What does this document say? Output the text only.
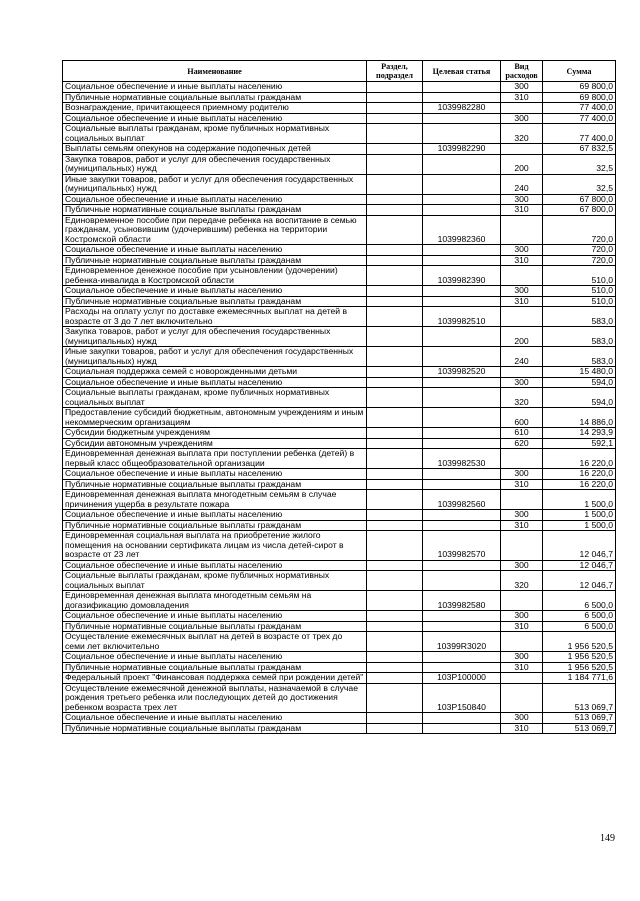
Наименование	Раздел, подраздел	Целевая статья	Вид расходов	Сумма
Социальное обеспечение и иные выплаты населению			300	69 800,0
Публичные нормативные социальные выплаты гражданам			310	69 800,0
Вознаграждение, причитающееся приемному родителю		1039982280		77 400,0
Социальное обеспечение и иные выплаты населению			300	77 400,0
Социальные выплаты гражданам, кроме публичных нормативных социальных выплат			320	77 400,0
Выплаты семьям опекунов на содержание подопечных детей		1039982290		67 832,5
Закупка товаров, работ и услуг для обеспечения государственных (муниципальных) нужд			200	32,5
Иные закупки товаров, работ и услуг для обеспечения государственных (муниципальных) нужд			240	32,5
Социальное обеспечение и иные выплаты населению			300	67 800,0
Публичные нормативные социальные выплаты гражданам			310	67 800,0
Единовременное пособие при передаче ребенка на воспитание в семью гражданам, усыновившим (удочерившим) ребенка на территории Костромской области		1039982360		720,0
Социальное обеспечение и иные выплаты населению			300	720,0
Публичные нормативные социальные выплаты гражданам			310	720,0
Единовременное денежное пособие при усыновлении (удочерении) ребенка-инвалида в Костромской области		1039982390		510,0
Социальное обеспечение и иные выплаты населению			300	510,0
Публичные нормативные социальные выплаты гражданам			310	510,0
Расходы на оплату услуг по доставке ежемесячных выплат на детей в возрасте от 3 до 7 лет включительно		1039982510		583,0
Закупка товаров, работ и услуг для обеспечения государственных (муниципальных) нужд			200	583,0
Иные закупки товаров, работ и услуг для обеспечения государственных (муниципальных) нужд			240	583,0
Социальная поддержка семей с новорожденными детьми		1039982520		15 480,0
Социальное обеспечение и иные выплаты населению			300	594,0
Социальные выплаты гражданам, кроме публичных нормативных социальных выплат			320	594,0
Предоставление субсидий бюджетным, автономным учреждениям и иным некоммерческим организациям			600	14 886,0
Субсидии бюджетным учреждениям			610	14 293,9
Субсидии автономным учреждениям			620	592,1
Единовременная денежная выплата при поступлении ребенка (детей) в первый класс общеобразовательной организации		1039982530		16 220,0
Социальное обеспечение и иные выплаты населению			300	16 220,0
Публичные нормативные социальные выплаты гражданам			310	16 220,0
Единовременная денежная выплата многодетным семьям в случае причинения ущерба в результате пожара		1039982560		1 500,0
Социальное обеспечение и иные выплаты населению			300	1 500,0
Публичные нормативные социальные выплаты гражданам			310	1 500,0
Единовременная социальная выплата на приобретение жилого помещения на основании сертификата лицам из числа детей-сирот в возрасте от 23 лет		1039982570		12 046,7
Социальное обеспечение и иные выплаты населению			300	12 046,7
Социальные выплаты гражданам, кроме публичных нормативных социальных выплат			320	12 046,7
Единовременная денежная выплата многодетным семьям на догазификацию домовладения		1039982580		6 500,0
Социальное обеспечение и иные выплаты населению			300	6 500,0
Публичные нормативные социальные выплаты гражданам			310	6 500,0
Осуществление ежемесячных выплат на детей в возрасте от трех до семи лет включительно		10399R3020		1 956 520,5
Социальное обеспечение и иные выплаты населению			300	1 956 520,5
Публичные нормативные социальные выплаты гражданам			310	1 956 520,5
Федеральный проект "Финансовая поддержка семей при рождении детей"		103P100000		1 184 771,6
Осуществление ежемесячной денежной выплаты, назначаемой в случае рождения третьего ребенка или последующих детей до достижения ребенком возраста трех лет		103P150840		513 069,7
Социальное обеспечение и иные выплаты населению			300	513 069,7
Публичные нормативные социальные выплаты гражданам			310	513 069,7
149
